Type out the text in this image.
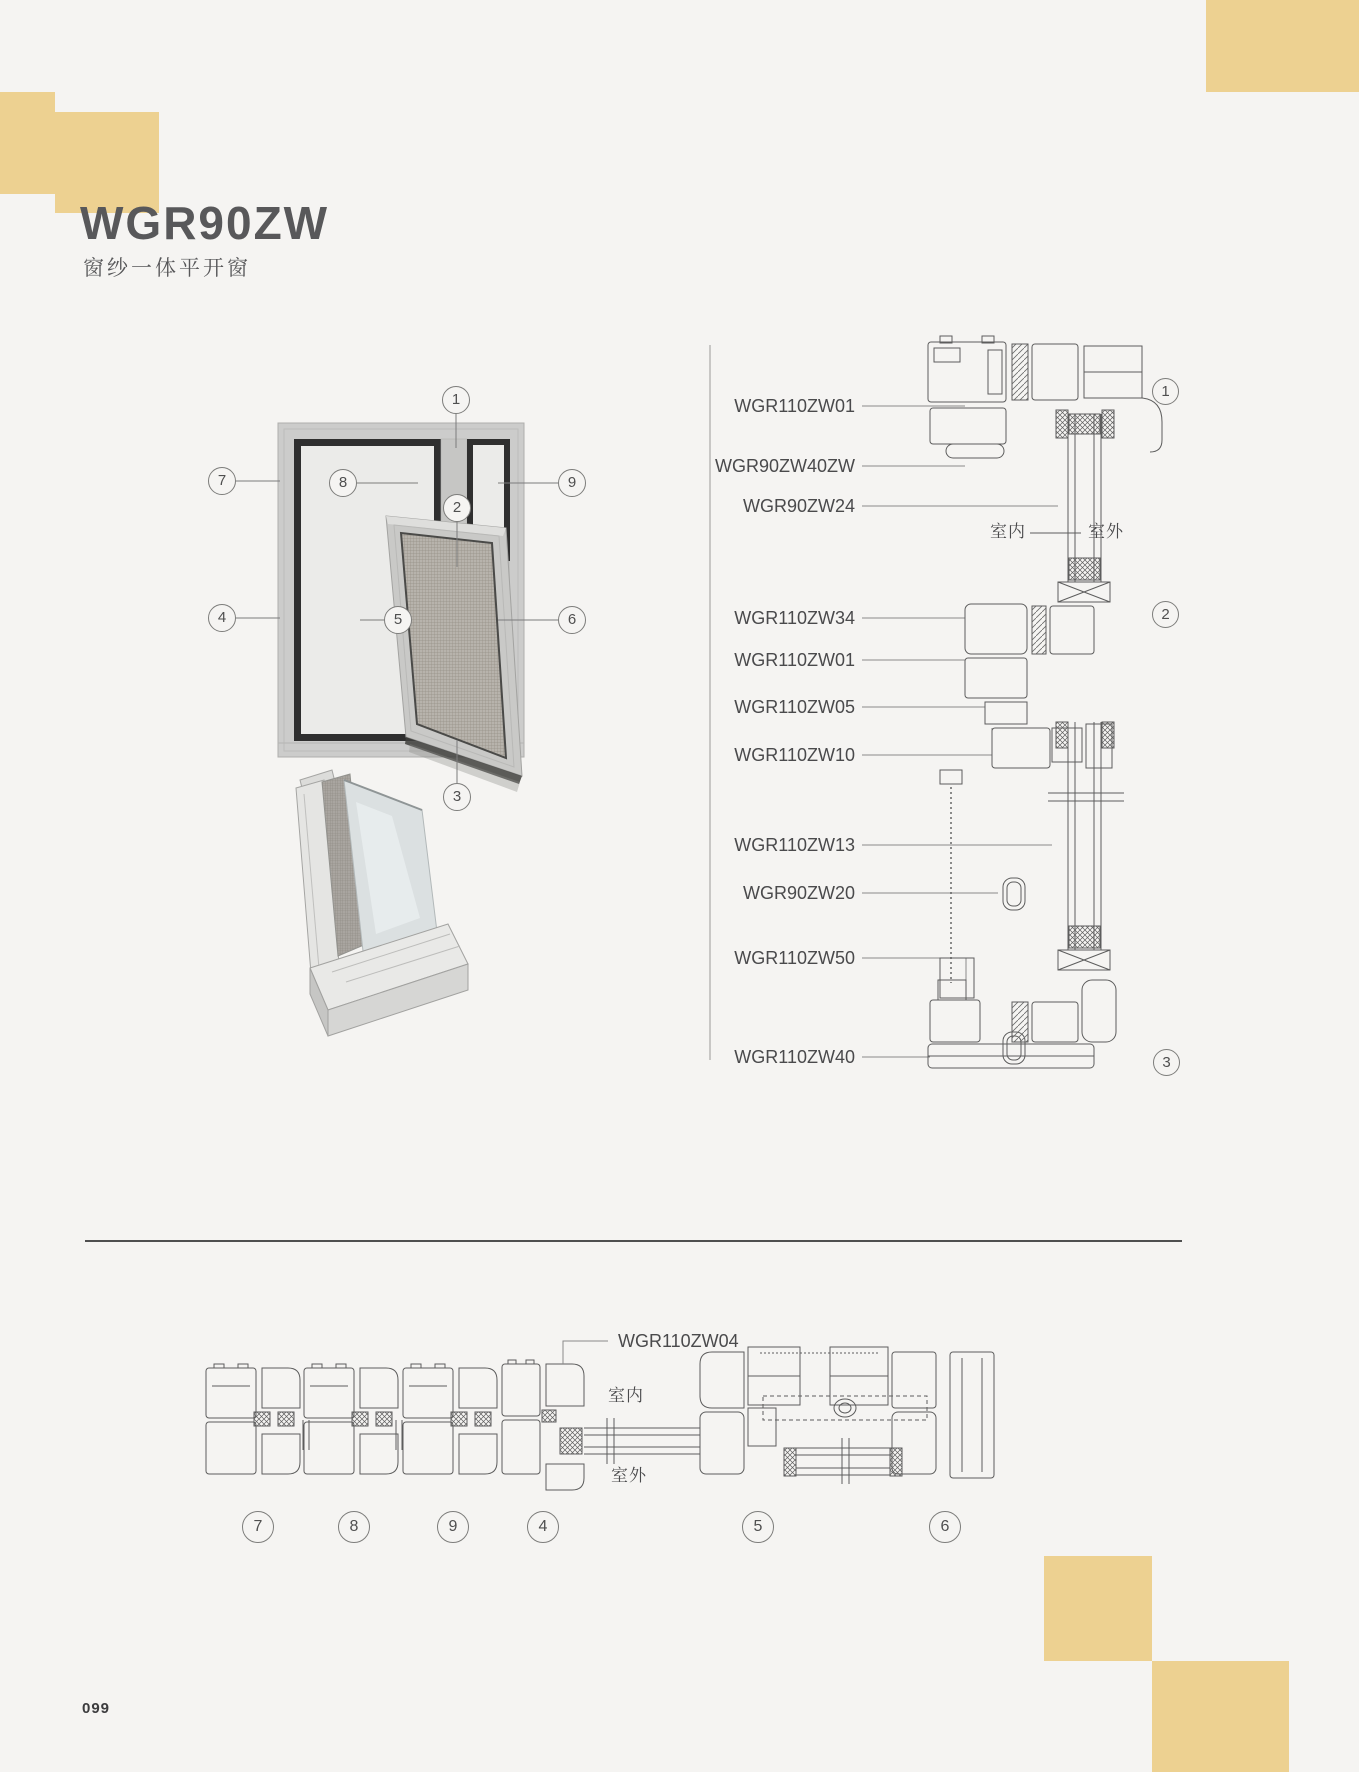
WGR90ZW
窗纱一体平开窗
1
2
3
4	5	6
7	8	9
WGR110ZW01
WGR90ZW40ZW
WGR90ZW24
WGR110ZW34
WGR110ZW01
WGR110ZW05
WGR110ZW10
WGR110ZW13
WGR90ZW20
WGR110ZW50
WGR110ZW40
室内	室外
1
2
3
WGR110ZW04
室内
室外
7	8	9	4	5	6
099
